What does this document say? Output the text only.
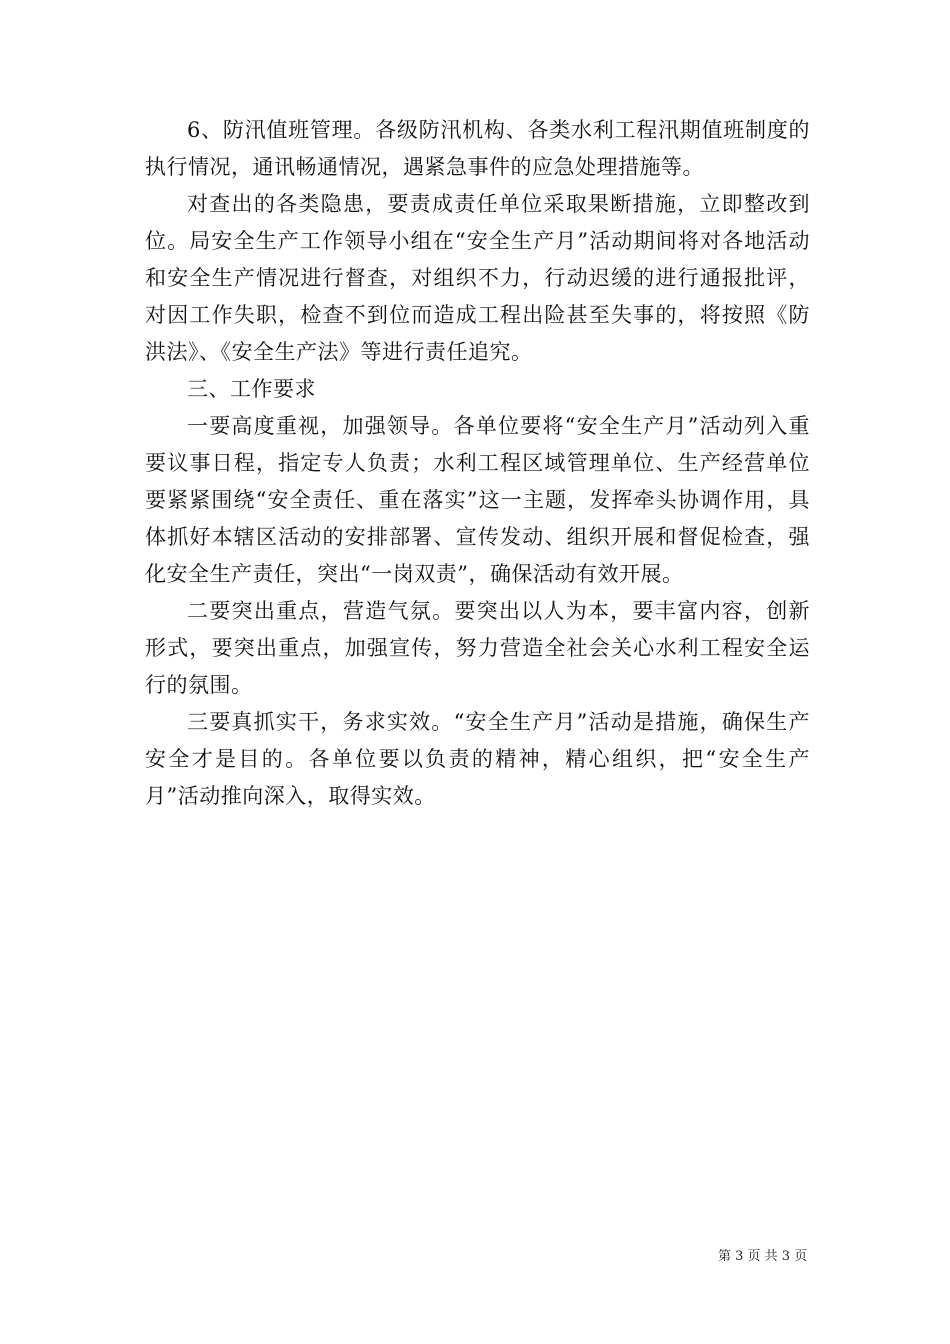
6、防汛值班管理。各级防汛机构、各类水利工程汛期值班制度的执行情况，通讯畅通情况，遇紧急事件的应急处理措施等。

对查出的各类隐患，要责成责任单位采取果断措施，立即整改到位。局安全生产工作领导小组在“安全生产月”活动期间将对各地活动和安全生产情况进行督查，对组织不力，行动迟缓的进行通报批评，对因工作失职，检查不到位而造成工程出险甚至失事的，将按照《防洪法》、《安全生产法》等进行责任追究。

三、工作要求

一要高度重视，加强领导。各单位要将“安全生产月”活动列入重要议事日程，指定专人负责；水利工程区域管理单位、生产经营单位要紧紧围绕“安全责任、重在落实”这一主题，发挥牵头协调作用，具体抓好本辖区活动的安排部署、宣传发动、组织开展和督促检查，强化安全生产责任，突出“一岗双责”，确保活动有效开展。

二要突出重点，营造气氛。要突出以人为本，要丰富内容，创新形式，要突出重点，加强宣传，努力营造全社会关心水利工程安全运行的氛围。

三要真抓实干，务求实效。“安全生产月”活动是措施，确保生产安全才是目的。各单位要以负责的精神，精心组织，把“安全生产月”活动推向深入，取得实效。

第 3 页 共 3 页
